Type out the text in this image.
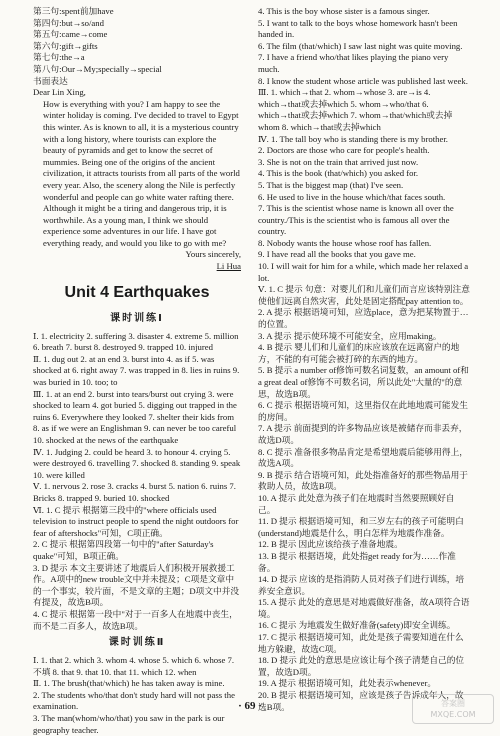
第三句:spent前加have

第四句:but→so/and

第五句:came→come

第六句:gift→gifts

第七句:the→a

第八句:Our→My;specially→special

书面表达

Dear Lin Xing,

How is everything with you? I am happy to see the winter holiday is coming. I've decided to travel to Egypt this winter. As is known to all, it is a mysterious country with a long history, where tourists can explore the beauty of pyramids and get to know the secret of mummies. Being one of the origins of the ancient civilization, it attracts tourists from all parts of the world every year. Also, the scenery along the Nile is perfectly wonderful and people can go white water rafting there. Although it might be a tiring and dangerous trip, it is worthwhile. As a young man, I think we should experience some adventures in our life. I have got everything ready, and would you like to go with me?

Yours sincerely,

Li Hua

Unit 4 Earthquakes
课时训练Ⅰ

Ⅰ. 1. electricity 2. suffering 3. disaster 4. extreme 5. million 6. breath 7. burst 8. destroyed 9. trapped 10. injured

Ⅱ. 1. dug out 2. at an end 3. burst into 4. as if 5. was shocked at 6. right away 7. was trapped in 8. lies in ruins 9. was buried in 10. too; to

Ⅲ. 1. at an end 2. burst into tears/burst out crying 3. were shocked to learn 4. got buried 5. digging out trapped in the ruins 6. Everywhere they looked 7. shelter their kids from 8. as if we were an Englishman 9. can never be too careful 10. shocked at the news of the earthquake

Ⅳ. 1. Judging 2. could be heard 3. to honour 4. crying 5. were destroyed 6. travelling 7. shocked 8. standing 9. speak 10. were killed

Ⅴ. 1. nervous 2. rose 3. cracks 4. burst 5. nation 6. ruins 7. Bricks 8. trapped 9. buried 10. shocked

Ⅵ. 1. C 提示 根据第三段中的"where officials used television to instruct people to spend the night outdoors for fear of aftershocks"可知，C项正确。

2. C 提示 根据第四段第一句中的"after Saturday's quake"可知，B项正确。

3. D 提示 本文主要讲述了地震后人们积极开展救援工作。A项中的new trouble文中并未提及；C项是文章中的一个事实，较片面，不是文章的主题；D项文中并没有提及，故选B项。

4. C 提示 根据第一段中"对于一百多人在地震中丧生，而不是二百多人，故选B项。

课时训练Ⅱ

Ⅰ. 1. that 2. which 3. whom 4. whose 5. which 6. whose 7. 不填 8. that 9. that 10. that 11. which 12. when

Ⅱ. 1. The brush(that/which) he has taken away is mine.

2. The students who/that don't study hard will not pass the examination.

3. The man(whom/who/that) you saw in the park is our geography teacher.

4. This is the boy whose sister is a famous singer.

5. I want to talk to the boys whose homework hasn't been handed in.

6. The film (that/which) I saw last night was quite moving.

7. I have a friend who/that likes playing the piano very much.

8. I know the student whose article was published last week.

Ⅲ. 1. which→that 2. whom→whose 3. are→is 4. which→that或去掉which 5. whom→who/that 6. which→that或去掉which 7. whom→that/which或去掉whom 8. which→that或去掉which

Ⅳ. 1. The tall boy who is standing there is my brother.

2. Doctors are those who care for people's health.

3. She is not on the train that arrived just now.

4. This is the book (that/which) you asked for.

5. That is the biggest map (that) I've seen.

6. He used to live in the house which/that faces south.

7. This is the scientist whose name is known all over the country./This is the scientist who is famous all over the country.

8. Nobody wants the house whose roof has fallen.

9. I have read all the books that you gave me.

10. I will wait for him for a while, which made her relaxed a lot.

Ⅴ. 1. C 提示 句意：对婴儿们和儿童们而言应该特别注意使他们远离自然灾害，此处是固定搭配pay attention to。

2. A 提示 根据语境可知，应选place，意为把某物置于…的位置。

3. A 提示 提示使环境不可能安全，应用making。

4. B 提示 婴儿们和儿童们的床应该放在远离窗户的地方，不能的有可能会被打碎的东西的地方。

5. B 提示 a number of修饰可数名词复数，an amount of和a great deal of修饰不可数名词，所以此处"大量的"的意思，故选B项。

6. C 提示 根据语境可知，这里指仅在此地地震可能发生的房间。

7. A 提示 前面提到的许多物品应该是被储存而非丢弃，故选D项。

8. C 提示 准备很多物品肯定是希望地震后能够用得上，故选A项。

9. B 提示 结合语境可知，此处指准备好的那些物品用于救助人员，故选B项。

10. A 提示 此处意为孩子们在地震时当然要照顾好自己。

11. D 提示 根据语境可知，和三岁左右的孩子可能明白(understand)地震是什么，明白怎样为地震作准备。

12. B 提示 因此应该给孩子准备地震。

13. B 提示 根据语境，此处指get ready for为……作准备。

14. D 提示 应该的是指消防人员对孩子们进行训练，培养安全意识。

15. A 提示 此处的意思是对地震做好准备，故A项符合语境。

16. C 提示 为地震发生做好准备(safety)即安全训练。

17. C 提示 根据语境可知，此处是孩子需要知道在什么地方躲避，故选C项。

18. D 提示 此处的意思是应该让每个孩子清楚自己的位置，故选D项。

19. A 提示 根据语境可知，此处表示whenever。

20. B 提示 根据语境可知，应该是孩子告诉成年人，故选B项。

· 69 ·	答案圈
MXQE.COM
